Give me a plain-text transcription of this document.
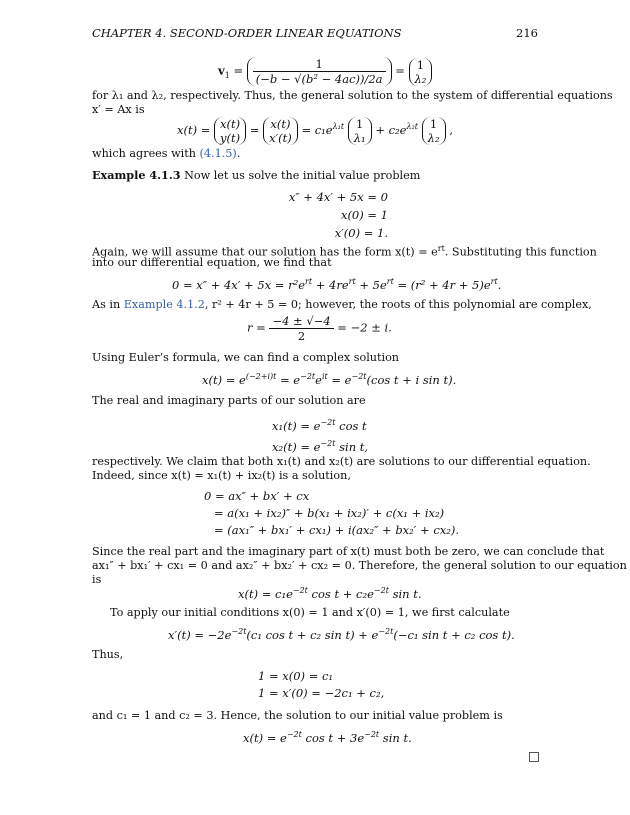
CHAPTER 4. SECOND-ORDER LINEAR EQUATIONS	216
$v_1 = \frac{1}{\text{(−b − √(b² − 4ac))/2a}} = 1$
λ₂
for λ₁ and λ₂, respectively. Thus, the general solution to the system of differential equations
x′ = Ax is
x(t) = x(t)
y(t)
= x(t)
x′(t)
= $c_1e^{\lambda_1t}$ 1
λ₁
+ $c_2e^{\lambda_2t}$ 1
λ₂
,
which agrees with (4.1.5).
Example 4.1.3 Now let us solve the initial value problem
x″ + 4x′ + 5x = 0
x(0) = 1
x′(0) = 1.
Again, we will assume that our solution has the form $x(t) = e^{rt}$. Substituting this function
into our differential equation, we find that
$0 = x'' + 4x' + 5x = r^2e^{rt} + 4re^{rt} + 5e^{rt} = (r^2 + 4r + 5)e^{rt}$.
As in Example 4.1.2, r² + 4r + 5 = 0; however, the roots of this polynomial are complex,
$r = \frac{-4 \pm √-4}{2} = -2 \pm i$.
Using Euler’s formula, we can find a complex solution
$x(t) = e^{(-2+i)t} = e^{-2t}e^{it} = e^{-2t}(\cos$ t + i sin t).
The real and imaginary parts of our solution are
$x_1(t) = e^{-2t}$ cos t
$x_2(t) = e^{-2t}$ sin t,
respectively. We claim that both x₁(t) and x₂(t) are solutions to our differential equation.
Indeed, since x(t) = x₁(t) + ix₂(t) is a solution,
0 = ax″ + bx′ + cx
= a(x₁ + ix₂)″ + b(x₁ + ix₂)′ + c(x₁ + ix₂)
= (ax₁″ + bx₁′ + cx₁) + i(ax₂″ + bx₂′ + cx₂).
Since the real part and the imaginary part of x(t) must both be zero, we can conclude that
ax₁″ + bx₁′ + cx₁ = 0 and ax₂″ + bx₂′ + cx₂ = 0. Therefore, the general solution to our equation
is
$x(t) = c_1e^{-2t}$ $\cos t + c_2e^{-2t}$ sin t.
To apply our initial conditions x(0) = 1 and x′(0) = 1, we first calculate
$x'(t) = -2e^{-2t}(c_1$ cos t + c₂ $\sin t) + e^{-2t}(-c_1$ sin t + c₂ cos t).
Thus,
1 = x(0) = c₁
1 = x′(0) = −2c₁ + c₂,
and c₁ = 1 and c₂ = 3. Hence, the solution to our initial value problem is
$x(t) = e^{-2t}$ $\cos t + 3e^{-2t}$ sin t.
